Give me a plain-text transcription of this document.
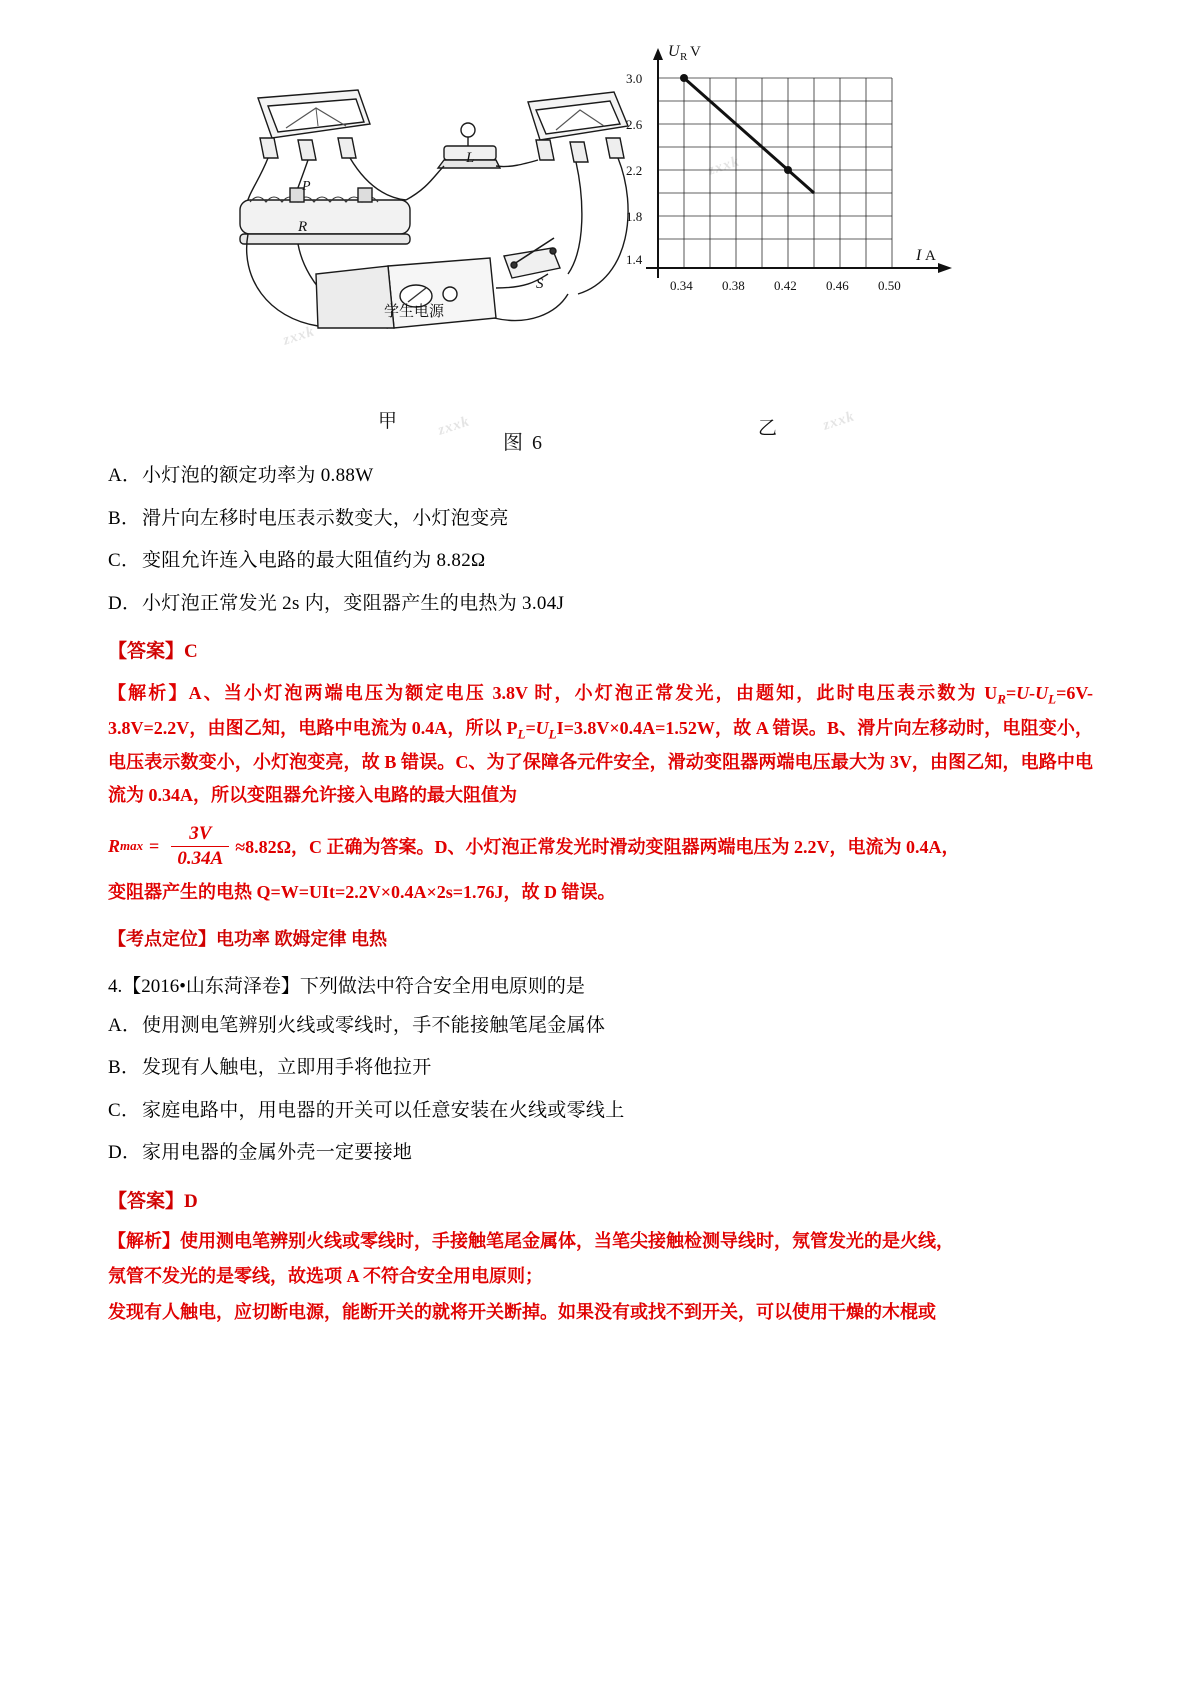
zxxk
zxxk
zxxk
zxxk
P
R
L
S
学生电源
3.0
2.6
2.2
1.8
1.4
0.34 0.38 0.42 0.46 0.50
U R V
I A
甲
图 6
乙

A．小灯泡的额定功率为 0.88W

B．滑片向左移时电压表示数变大，小灯泡变亮

C．变阻允许连入电路的最大阻值约为 8.82Ω

D．小灯泡正常发光 2s 内，变阻器产生的电热为 3.04J

【答案】C

【解析】A、当小灯泡两端电压为额定电压 3.8V 时，小灯泡正常发光，由题知，此时电压表示数为 $U_R=U-U_L=6V-3.8V=2.2V$，由图乙知，电路中电流为 0.4A，所以 $P_L=U_LI=3.8V\times 0.4A=1.52W$，故 A 错误。B、滑片向左移动时，电阻变小，电压表示数变小，小灯泡变亮，故 B 错误。C、为了保障各元件安全，滑动变阻器两端电压最大为 3V，由图乙知，电路中电流为 0.34A，所以变阻器允许接入电路的最大阻值为

R $\max = \frac{3V}{0.34A} \approx 8.82\Omega$，C 正确为答案。D、小灯泡正常发光时滑动变阻器两端电压为 2.2V，电流为 0.4A，

变阻器产生的电热 Q=W=UIt=2.2V×0.4A×2s=1.76J，故 D 错误。

【考点定位】电功率 欧姆定律 电热

4.【2016•山东菏泽卷】下列做法中符合安全用电原则的是

A．使用测电笔辨别火线或零线时，手不能接触笔尾金属体

B．发现有人触电，立即用手将他拉开

C．家庭电路中，用电器的开关可以任意安装在火线或零线上

D．家用电器的金属外壳一定要接地

【答案】D

【解析】使用测电笔辨别火线或零线时，手接触笔尾金属体，当笔尖接触检测导线时，氖管发光的是火线，

氖管不发光的是零线，故选项 A 不符合安全用电原则；

发现有人触电，应切断电源，能断开关的就将开关断掉。如果没有或找不到开关，可以使用干燥的木棍或
